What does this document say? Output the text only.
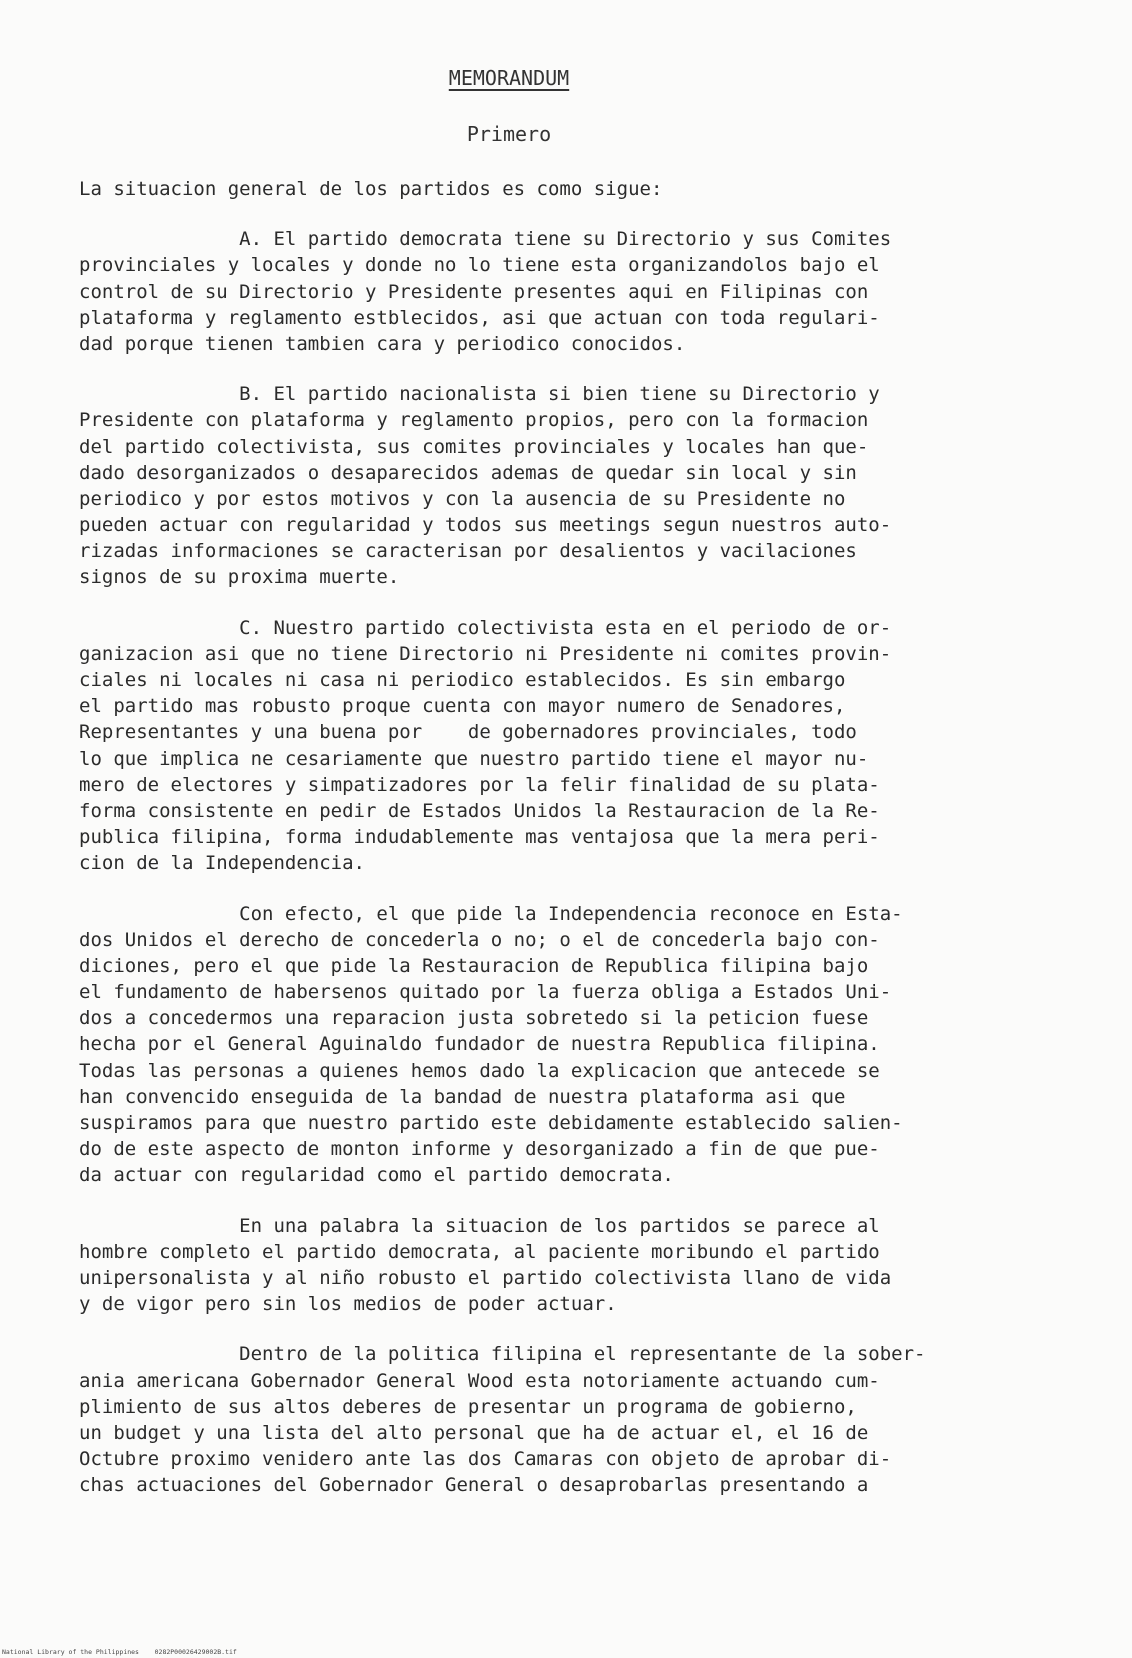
MEMORANDUM
Primero
La situacion general de los partidos es como sigue:
A. El partido democrata tiene su Directorio y sus Comites
provinciales y locales y donde no lo tiene esta organizandolos bajo el
control de su Directorio y Presidente presentes aqui en Filipinas con
plataforma y reglamento estblecidos, asi que actuan con toda regulari-
dad porque tienen tambien cara y periodico conocidos.
B. El partido nacionalista si bien tiene su Directorio y
Presidente con plataforma y reglamento propios, pero con la formacion
del partido colectivista, sus comites provinciales y locales han que-
dado desorganizados o desaparecidos ademas de quedar sin local y sin
periodico y por estos motivos y con la ausencia de su Presidente no
pueden actuar con regularidad y todos sus meetings segun nuestros auto-
rizadas informaciones se caracterisan por desalientos y vacilaciones
signos de su proxima muerte.
C. Nuestro partido colectivista esta en el periodo de or-
ganizacion asi que no tiene Directorio ni Presidente ni comites provin-
ciales ni locales ni casa ni periodico establecidos. Es sin embargo
el partido mas robusto proque cuenta con mayor numero de Senadores,
Representantes y una buena por    de gobernadores provinciales, todo
lo que implica ne cesariamente que nuestro partido tiene el mayor nu-
mero de electores y simpatizadores por la felir finalidad de su plata-
forma consistente en pedir de Estados Unidos la Restauracion de la Re-
publica filipina, forma indudablemente mas ventajosa que la mera peri-
cion de la Independencia.
Con efecto, el que pide la Independencia reconoce en Esta-
dos Unidos el derecho de concederla o no; o el de concederla bajo con-
diciones, pero el que pide la Restauracion de Republica filipina bajo
el fundamento de habersenos quitado por la fuerza obliga a Estados Uni-
dos a concedermos una reparacion justa sobretedo si la peticion fuese
hecha por el General Aguinaldo fundador de nuestra Republica filipina.
Todas las personas a quienes hemos dado la explicacion que antecede se
han convencido enseguida de la bandad de nuestra plataforma asi que
suspiramos para que nuestro partido este debidamente establecido salien-
do de este aspecto de monton informe y desorganizado a fin de que pue-
da actuar con regularidad como el partido democrata.
En una palabra la situacion de los partidos se parece al
hombre completo el partido democrata, al paciente moribundo el partido
unipersonalista y al niño robusto el partido colectivista llano de vida
y de vigor pero sin los medios de poder actuar.
Dentro de la politica filipina el representante de la sober-
ania americana Gobernador General Wood esta notoriamente actuando cum-
plimiento de sus altos deberes de presentar un programa de gobierno,
un budget y una lista del alto personal que ha de actuar el, el 16 de
Octubre proximo venidero ante las dos Camaras con objeto de aprobar di-
chas actuaciones del Gobernador General o desaprobarlas presentando a
National Library of the Philippines    0282P00026429002B.tif
